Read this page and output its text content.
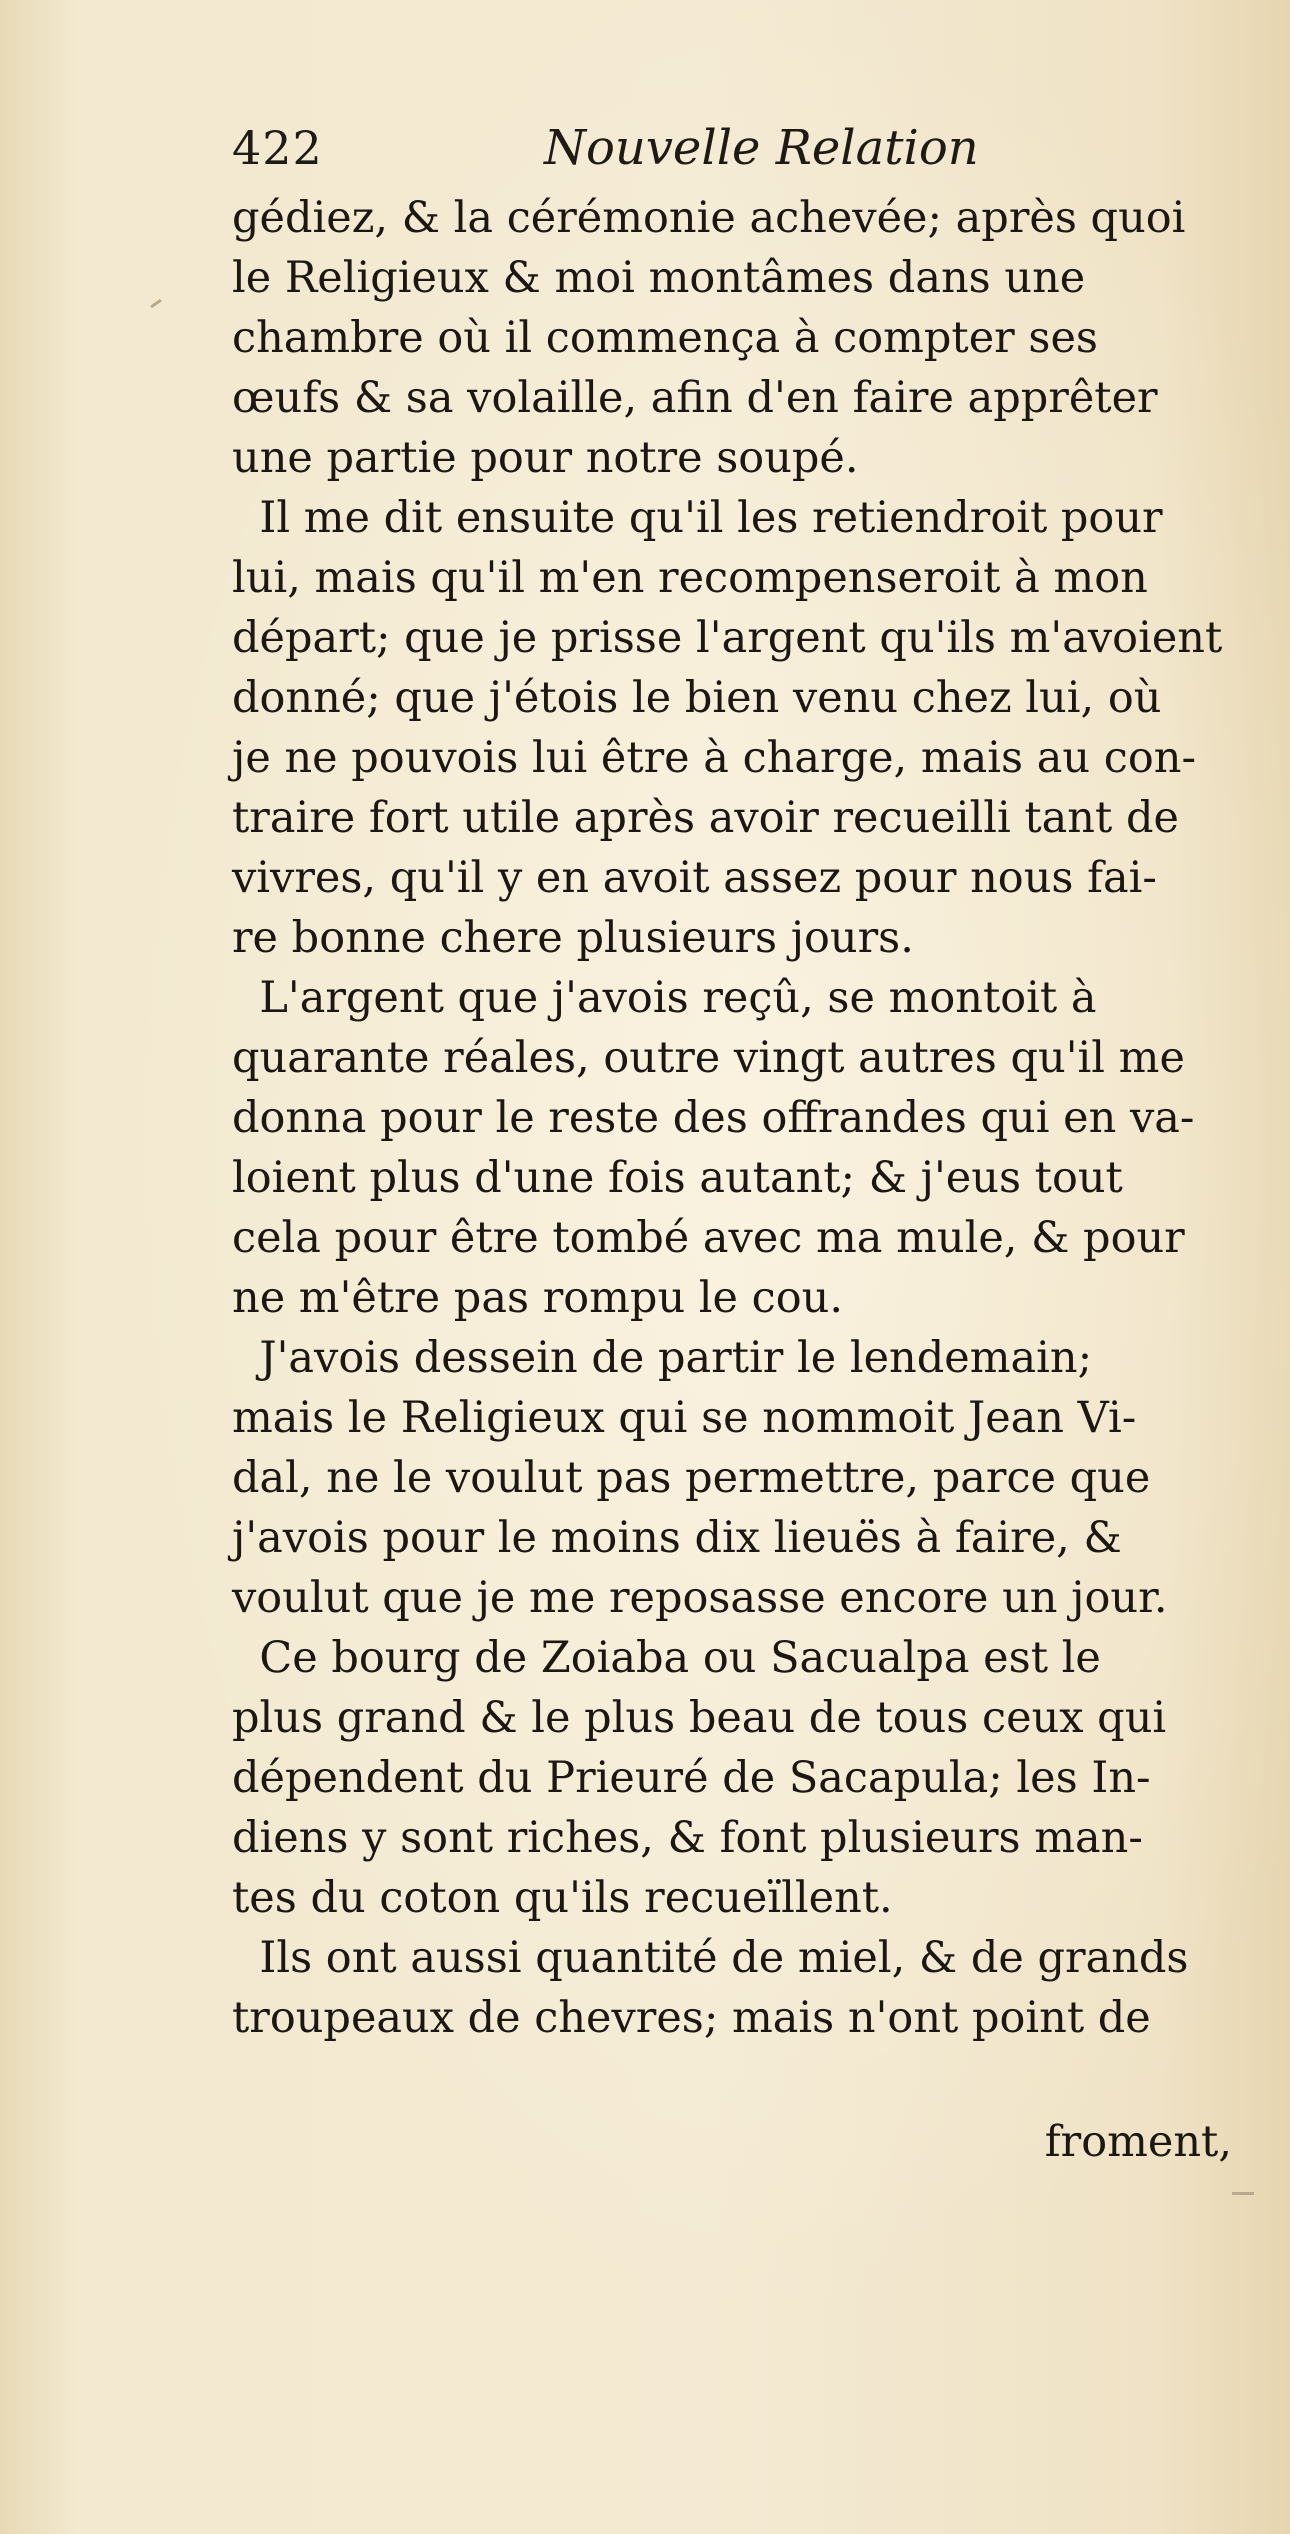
422	Nouvelle Relation
gédiez, & la cérémonie achevée; après quoi
le Religieux & moi montâmes dans une
chambre où il commença à compter ses
œufs & sa volaille, afin d'en faire apprêter
une partie pour notre soupé.
Il me dit ensuite qu'il les retiendroit pour
lui, mais qu'il m'en recompenseroit à mon
départ; que je prisse l'argent qu'ils m'avoient
donné; que j'étois le bien venu chez lui, où
je ne pouvois lui être à charge, mais au con-
traire fort utile après avoir recueilli tant de
vivres, qu'il y en avoit assez pour nous fai-
re bonne chere plusieurs jours.
L'argent que j'avois reçû, se montoit à
quarante réales, outre vingt autres qu'il me
donna pour le reste des offrandes qui en va-
loient plus d'une fois autant; & j'eus tout
cela pour être tombé avec ma mule, & pour
ne m'être pas rompu le cou.
J'avois dessein de partir le lendemain;
mais le Religieux qui se nommoit Jean Vi-
dal, ne le voulut pas permettre, parce que
j'avois pour le moins dix lieuës à faire, &
voulut que je me reposasse encore un jour.
Ce bourg de Zoiaba ou Sacualpa est le
plus grand & le plus beau de tous ceux qui
dépendent du Prieuré de Sacapula; les In-
diens y sont riches, & font plusieurs man-
tes du coton qu'ils recueïllent.
Ils ont aussi quantité de miel, & de grands
troupeaux de chevres; mais n'ont point de
froment,
